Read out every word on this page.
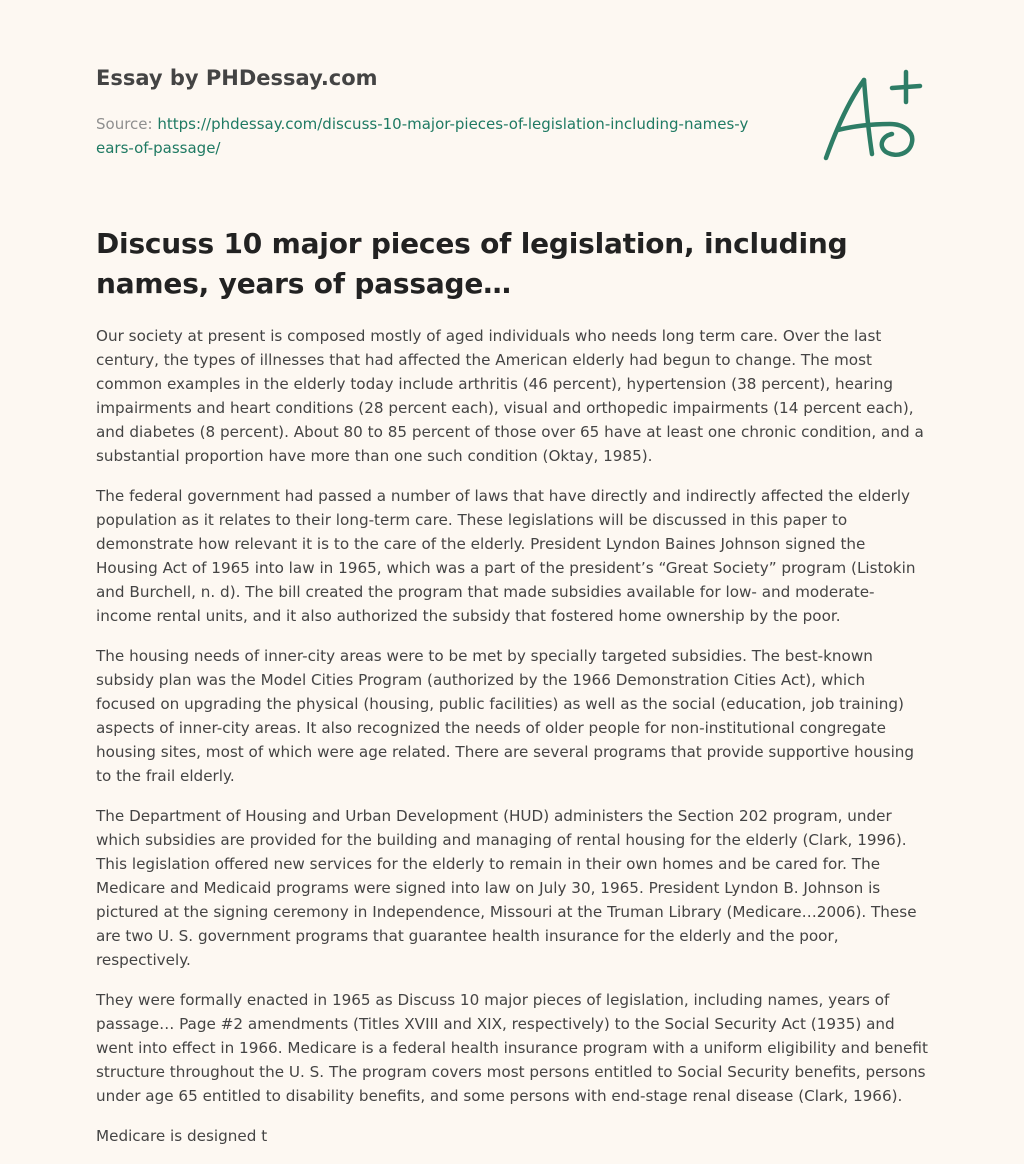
Essay by PHDessay.com
Source: https://phdessay.com/discuss-10-major-pieces-of-legislation-including-names-years-of-passage/
Discuss 10 major pieces of legislation, including names, years of passage…

Our society at present is composed mostly of aged individuals who needs long term care. Over the last century, the types of illnesses that had affected the American elderly had begun to change. The most common examples in the elderly today include arthritis (46 percent), hypertension (38 percent), hearing impairments and heart conditions (28 percent each), visual and orthopedic impairments (14 percent each), and diabetes (8 percent). About 80 to 85 percent of those over 65 have at least one chronic condition, and a substantial proportion have more than one such condition (Oktay, 1985).

The federal government had passed a number of laws that have directly and indirectly affected the elderly population as it relates to their long-term care. These legislations will be discussed in this paper to demonstrate how relevant it is to the care of the elderly. President Lyndon Baines Johnson signed the Housing Act of 1965 into law in 1965, which was a part of the president’s “Great Society” program (Listokin and Burchell, n. d). The bill created the program that made subsidies available for low- and moderate-income rental units, and it also authorized the subsidy that fostered home ownership by the poor.

The housing needs of inner-city areas were to be met by specially targeted subsidies. The best-known subsidy plan was the Model Cities Program (authorized by the 1966 Demonstration Cities Act), which focused on upgrading the physical (housing, public facilities) as well as the social (education, job training) aspects of inner-city areas. It also recognized the needs of older people for non-institutional congregate housing sites, most of which were age related. There are several programs that provide supportive housing to the frail elderly.

The Department of Housing and Urban Development (HUD) administers the Section 202 program, under which subsidies are provided for the building and managing of rental housing for the elderly (Clark, 1996). This legislation offered new services for the elderly to remain in their own homes and be cared for. The Medicare and Medicaid programs were signed into law on July 30, 1965. President Lyndon B. Johnson is pictured at the signing ceremony in Independence, Missouri at the Truman Library (Medicare…2006). These are two U. S. government programs that guarantee health insurance for the elderly and the poor, respectively.

They were formally enacted in 1965 as Discuss 10 major pieces of legislation, including names, years of passage… Page #2 amendments (Titles XVIII and XIX, respectively) to the Social Security Act (1935) and went into effect in 1966. Medicare is a federal health insurance program with a uniform eligibility and benefit structure throughout the U. S. The program covers most persons entitled to Social Security benefits, persons under age 65 entitled to disability benefits, and some persons with end-stage renal disease (Clark, 1966).

Medicare is designed t
